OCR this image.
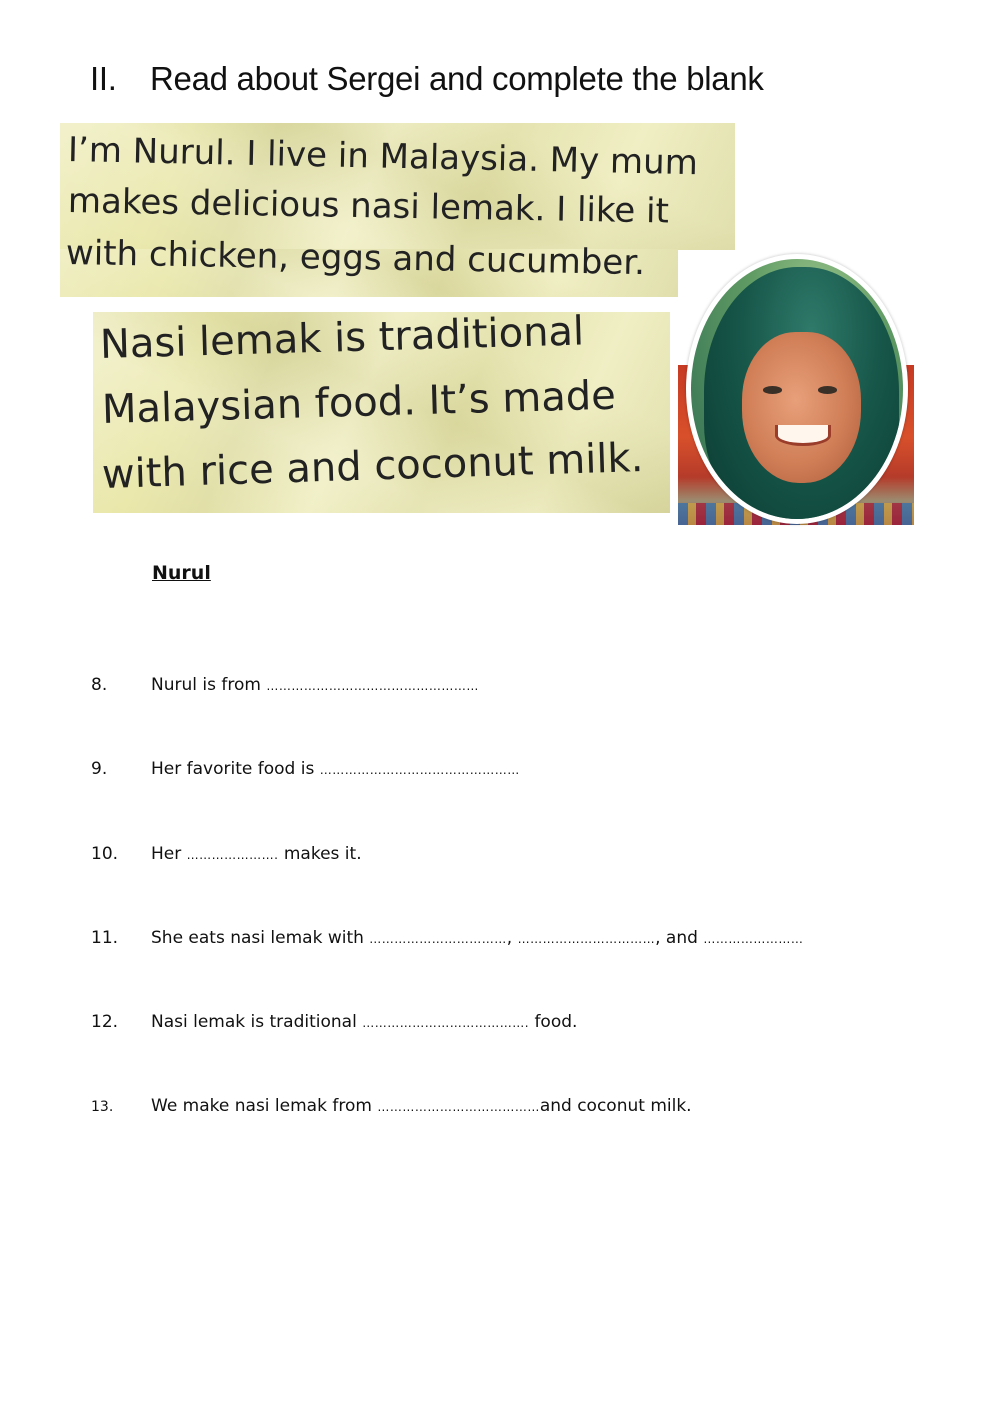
II. Read about Sergei and complete the blank
I’m Nurul. I live in Malaysia. My mum
makes delicious nasi lemak. I like it
with chicken, eggs and cucumber.
Nasi lemak is traditional
Malaysian food. It’s made
with rice and coconut milk.
Nurul
8.	Nurul is from ……………………………………………
9.	Her favorite food is …………………………………………
10. Her …………………. makes it.
11. She eats nasi lemak with ……………………………, ……………………………, and ……………………
12. Nasi lemak is traditional …………………………………. food.
13. We make nasi lemak from …………………………………and coconut milk.
